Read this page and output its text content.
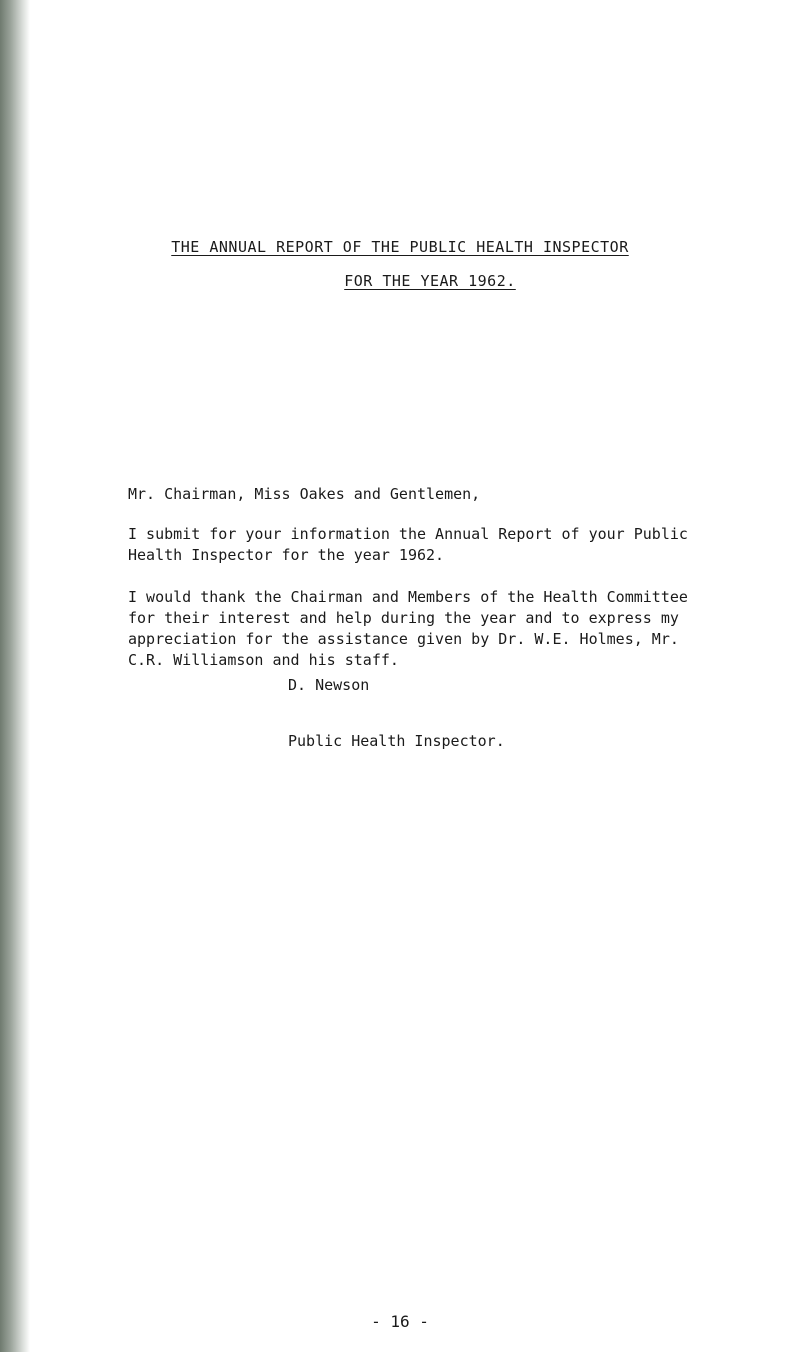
THE ANNUAL REPORT OF THE PUBLIC HEALTH INSPECTOR
FOR THE YEAR 1962.
Mr. Chairman, Miss Oakes and Gentlemen,
I submit for your information the Annual Report of your Public Health Inspector for the year 1962.
I would thank the Chairman and Members of the Health Committee for their interest and help during the year and to express my appreciation for the assistance given by Dr. W.E. Holmes, Mr. C.R. Williamson and his staff.
D. Newson
Public Health Inspector.
- 16 -
